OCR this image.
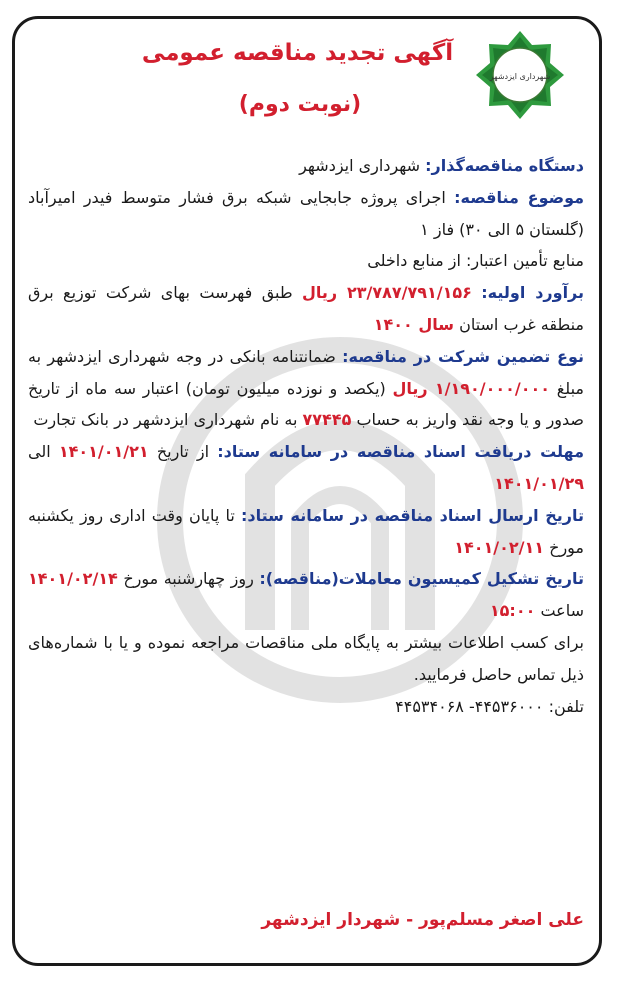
شهرداری ایزدشهر
آگهی تجدید مناقصه عمومی
(نوبت دوم)

دستگاه مناقصه‌گذار: شهرداری ایزدشهر

موضوع مناقصه: اجرای پروژه جابجایی شبکه برق فشار متوسط فیدر امیرآباد (گلستان ۵ الی ۳۰) فاز ۱

منابع تأمین اعتبار: از منابع داخلی

برآورد اولیه: ۲۳/۷۸۷/۷۹۱/۱۵۶ ریال طبق فهرست بهای شرکت توزیع برق منطقه غرب استان سال ۱۴۰۰

نوع تضمین شرکت در مناقصه: ضمانتنامه بانکی در وجه شهرداری ایزدشهر به مبلغ ۱/۱۹۰/۰۰۰/۰۰۰ ریال (یکصد و نوزده میلیون تومان) اعتبار سه ماه از تاریخ صدور و یا وجه نقد واریز به حساب ۷۷۴۴۵ به نام شهرداری ایزدشهر در بانک تجارت

مهلت دریافت اسناد مناقصه در سامانه ستاد: از تاریخ ۱۴۰۱/۰۱/۲۱ الی ۱۴۰۱/۰۱/۲۹

تاریخ ارسال اسناد مناقصه در سامانه ستاد: تا پایان وقت اداری روز یکشنبه مورخ ۱۴۰۱/۰۲/۱۱

تاریخ تشکیل کمیسیون معاملات(مناقصه): روز چهارشنبه مورخ ۱۴۰۱/۰۲/۱۴ ساعت ۱۵:۰۰

برای کسب اطلاعات بیشتر به پایگاه ملی مناقصات مراجعه نموده و یا با شماره‌های ذیل تماس حاصل فرمایید.

تلفن: ۴۴۵۳۶۰۰۰- ۴۴۵۳۴۰۶۸

علی اصغر مسلم‌پور - شهردار ایزدشهر
